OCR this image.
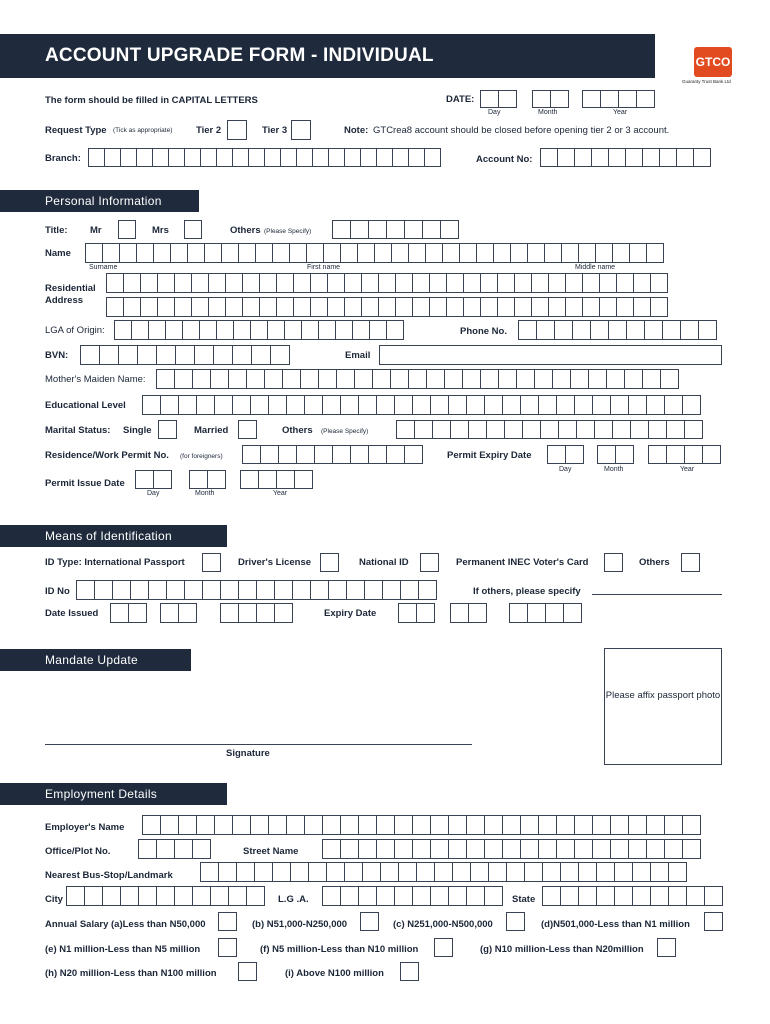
ACCOUNT UPGRADE FORM - INDIVIDUAL	GTCO
Guaranty Trust Bank Ltd
The form should be filled in CAPITAL LETTERS	DATE:
Day	Month	Year
Request Type (Tick as appropriate) Tier 2	Tier 3	Note: GTCrea8 account should be closed before opening tier 2 or 3 account.
Branch:	Account No:
Personal Information
Title: Mr	Mrs	Others (Please Specify)
Name
Surname	First name	Middle name
Residential
Address
LGA of Origin:	Phone No.
BVN:	Email
Mother's Maiden Name:
Educational Level
Marital Status: Single	Married	Others (Please Specify)
Residence/Work Permit No. (for foreigners)	Permit Expiry Date
Day	Month	Year
Permit Issue Date
Day	Month	Year
Means of Identification
ID Type: International Passport	Driver's License	National ID	Permanent INEC Voter's Card	Others
ID No	If others, please specify
Date Issued	Expiry Date
Mandate Update
Please affix passport photo
Signature
Employment Details
Employer's Name
Office/Plot No.	Street Name
Nearest Bus-Stop/Landmark
City	L.G .A.	State
Annual Salary (a)Less than N50,000	(b) N51,000-N250,000	(c) N251,000-N500,000	(d)N501,000-Less than N1 million
(e) N1 million-Less than N5 million	(f) N5 million-Less than N10 million	(g) N10 million-Less than N20million
(h) N20 million-Less than N100 million	(i) Above N100 million
